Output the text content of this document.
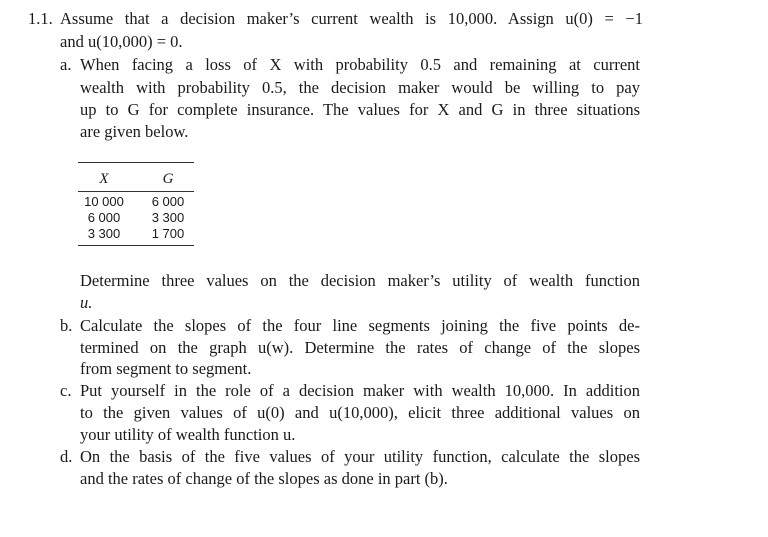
1.1. Assume that a decision maker’s current wealth is 10,000. Assign u(0) = −1
and u(10,000) = 0.
a. When facing a loss of X with probability 0.5 and remaining at current
wealth with probability 0.5, the decision maker would be willing to pay
up to G for complete insurance. The values for X and G in three situations
are given below.
X	G
10 000	6 000
6 000	3 300
3 300	1 700
Determine three values on the decision maker’s utility of wealth function
u.
b. Calculate the slopes of the four line segments joining the five points de-
termined on the graph u(w). Determine the rates of change of the slopes
from segment to segment.
c. Put yourself in the role of a decision maker with wealth 10,000. In addition
to the given values of u(0) and u(10,000), elicit three additional values on
your utility of wealth function u.
d. On the basis of the five values of your utility function, calculate the slopes
and the rates of change of the slopes as done in part (b).
